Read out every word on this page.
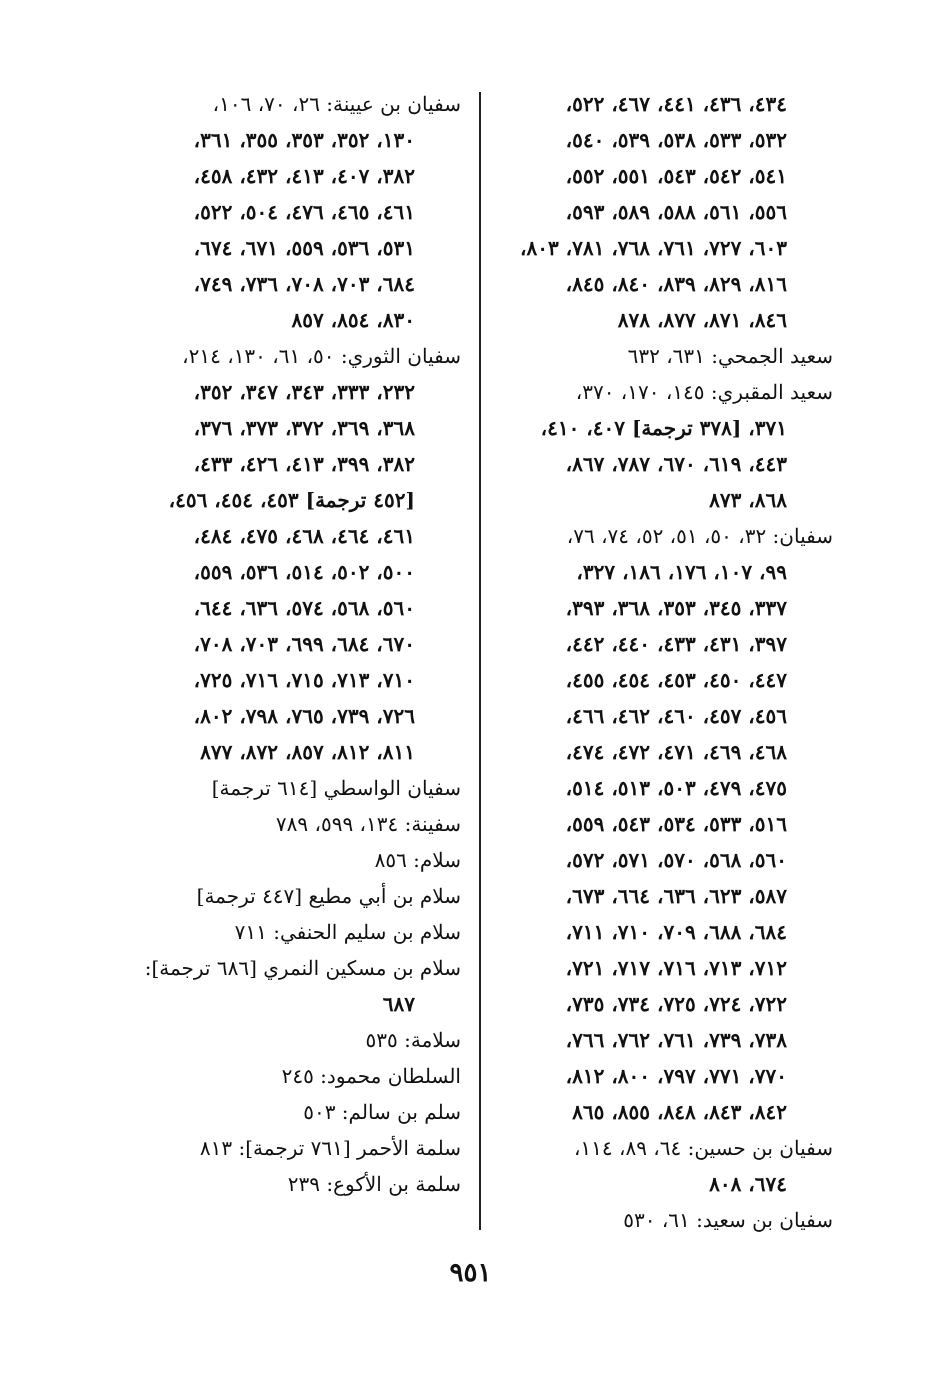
٤٣٤، ٤٣٦، ٤٤١، ٤٦٧، ٥٢٢،
٥٣٢، ٥٣٣، ٥٣٨، ٥٣٩، ٥٤٠،
٥٤١، ٥٤٢، ٥٤٣، ٥٥١، ٥٥٢،
٥٥٦، ٥٦١، ٥٨٨، ٥٨٩، ٥٩٣،
٦٠٣، ٧٢٧، ٧٦١، ٧٦٨، ٧٨١، ٨٠٣،
٨١٦، ٨٢٩، ٨٣٩، ٨٤٠، ٨٤٥،
٨٤٦، ٨٧١، ٨٧٧، ٨٧٨
سعيد الجمحي: ٦٣١، ٦٣٢
سعيد المقبري: ١٤٥، ١٧٠، ٣٧٠،
٣٧١، [٣٧٨ ترجمة] ٤٠٧، ٤١٠،
٤٤٣، ٦١٩، ٦٧٠، ٧٨٧، ٨٦٧،
٨٦٨، ٨٧٣
سفيان: ٣٢، ٥٠، ٥١، ٥٢، ٧٤، ٧٦،
٩٩، ١٠٧، ١٧٦، ١٨٦، ٣٢٧،
٣٣٧، ٣٤٥، ٣٥٣، ٣٦٨، ٣٩٣،
٣٩٧، ٤٣١، ٤٣٣، ٤٤٠، ٤٤٢،
٤٤٧، ٤٥٠، ٤٥٣، ٤٥٤، ٤٥٥،
٤٥٦، ٤٥٧، ٤٦٠، ٤٦٢، ٤٦٦،
٤٦٨، ٤٦٩، ٤٧١، ٤٧٢، ٤٧٤،
٤٧٥، ٤٧٩، ٥٠٣، ٥١٣، ٥١٤،
٥١٦، ٥٣٣، ٥٣٤، ٥٤٣، ٥٥٩،
٥٦٠، ٥٦٨، ٥٧٠، ٥٧١، ٥٧٢،
٥٨٧، ٦٢٣، ٦٣٦، ٦٦٤، ٦٧٣،
٦٨٤، ٦٨٨، ٧٠٩، ٧١٠، ٧١١،
٧١٢، ٧١٣، ٧١٦، ٧١٧، ٧٢١،
٧٢٢، ٧٢٤، ٧٢٥، ٧٣٤، ٧٣٥،
٧٣٨، ٧٣٩، ٧٦١، ٧٦٢، ٧٦٦،
٧٧٠، ٧٧١، ٧٩٧، ٨٠٠، ٨١٢،
٨٤٢، ٨٤٣، ٨٤٨، ٨٥٥، ٨٦٥
سفيان بن حسين: ٦٤، ٨٩، ١١٤،
٦٧٤، ٨٠٨
سفيان بن سعيد: ٦١، ٥٣٠
سفيان بن عيينة: ٢٦، ٧٠، ١٠٦،
١٣٠، ٣٥٢، ٣٥٣، ٣٥٥، ٣٦١،
٣٨٢، ٤٠٧، ٤١٣، ٤٣٢، ٤٥٨،
٤٦١، ٤٦٥، ٤٧٦، ٥٠٤، ٥٢٢،
٥٣١، ٥٣٦، ٥٥٩، ٦٧١، ٦٧٤،
٦٨٤، ٧٠٣، ٧٠٨، ٧٣٦، ٧٤٩،
٨٣٠، ٨٥٤، ٨٥٧
سفيان الثوري: ٥٠، ٦١، ١٣٠، ٢١٤،
٢٣٢، ٣٣٣، ٣٤٣، ٣٤٧، ٣٥٢،
٣٦٨، ٣٦٩، ٣٧٢، ٣٧٣، ٣٧٦،
٣٨٢، ٣٩٩، ٤١٣، ٤٢٦، ٤٣٣،
[٤٥٢ ترجمة] ٤٥٣، ٤٥٤، ٤٥٦،
٤٦١، ٤٦٤، ٤٦٨، ٤٧٥، ٤٨٤،
٥٠٠، ٥٠٢، ٥١٤، ٥٣٦، ٥٥٩،
٥٦٠، ٥٦٨، ٥٧٤، ٦٣٦، ٦٤٤،
٦٧٠، ٦٨٤، ٦٩٩، ٧٠٣، ٧٠٨،
٧١٠، ٧١٣، ٧١٥، ٧١٦، ٧٢٥،
٧٢٦، ٧٣٩، ٧٦٥، ٧٩٨، ٨٠٢،
٨١١، ٨١٢، ٨٥٧، ٨٧٢، ٨٧٧
سفيان الواسطي [٦١٤ ترجمة]
سفينة: ١٣٤، ٥٩٩، ٧٨٩
سلام: ٨٥٦
سلام بن أبي مطيع [٤٤٧ ترجمة]
سلام بن سليم الحنفي: ٧١١
سلام بن مسكين النمري [٦٨٦ ترجمة]:
٦٨٧
سلامة: ٥٣٥
السلطان محمود: ٢٤٥
سلم بن سالم: ٥٠٣
سلمة الأحمر [٧٦١ ترجمة]: ٨١٣
سلمة بن الأكوع: ٢٣٩
٩٥١
